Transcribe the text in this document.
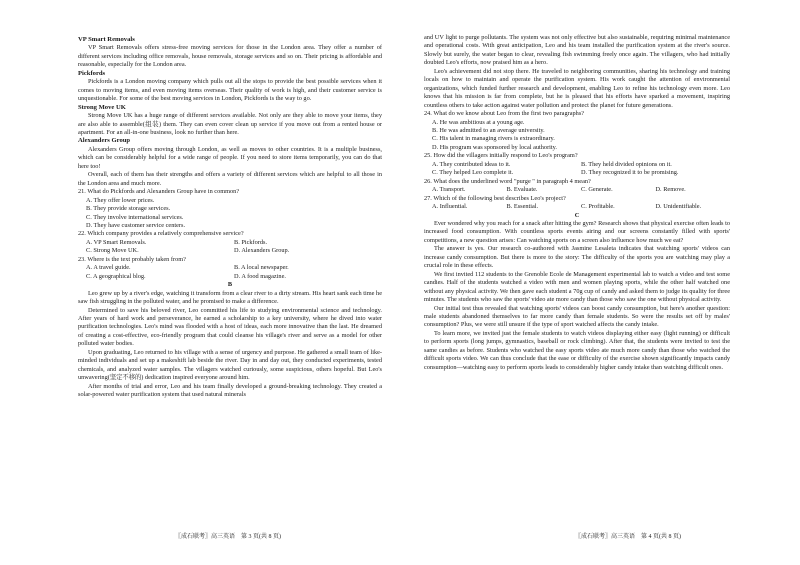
VP Smart Removals

VP Smart Removals offers stress-free moving services for those in the London area. They offer a number of different services including office removals, house removals, storage services and so on. Their pricing is affordable and reasonable, especially for the London area.

Pickfords

Pickfords is a London moving company which pulls out all the stops to provide the best possible services when it comes to moving items, and even moving items overseas. Their quality of work is high, and their customer service is unquestionable. For some of the best moving services in London, Pickfords is the way to go.

Strong Move UK

Strong Move UK has a huge range of different services available. Not only are they able to move your items, they are also able to assemble(组装) them. They can even cover clean up service if you move out from a rented house or apartment. For an all-in-one business, look no further than here.

Alexanders Group

Alexanders Group offers moving through London, as well as moves to other countries. It is a multiple business, which can be considerably helpful for a wide range of people. If you need to store items temporarily, you can do that here too!

Overall, each of them has their strengths and offers a variety of different services which are helpful to all those in the London area and much more.

21. What do Pickfords and Alexanders Group have in common?

A. They offer lower prices.

B. They provide storage services.

C. They involve international services.

D. They have customer service centers.

22. Which company provides a relatively comprehensive service?

A. VP Smart Removals.	B. Pickfords.
C. Strong Move UK.	D. Alexanders Group.

23. Where is the text probably taken from?

A. A travel guide.	B. A local newspaper.
C. A geographical blog.	D. A food magazine.

B

Leo grew up by a river's edge, watching it transform from a clear river to a dirty stream. His heart sank each time he saw fish struggling in the polluted water, and he promised to make a difference.

Determined to save his beloved river, Leo committed his life to studying environmental science and technology. After years of hard work and perseverance, he earned a scholarship to a key university, where he dived into water purification technologies. Leo's mind was flooded with a host of ideas, each more innovative than the last. He dreamed of creating a cost-effective, eco-friendly program that could cleanse his village's river and serve as a model for other polluted water bodies.

Upon graduating, Leo returned to his village with a sense of urgency and purpose. He gathered a small team of like-minded individuals and set up a makeshift lab beside the river. Day in and day out, they conducted experiments, tested chemicals, and analyzed water samples. The villagers watched curiously, some suspicious, others hopeful. But Leo's unwavering(坚定不移的) dedication inspired everyone around him.

After months of trial and error, Leo and his team finally developed a ground-breaking technology. They created a solar-powered water purification system that used natural minerals

and UV light to purge pollutants. The system was not only effective but also sustainable, requiring minimal maintenance and operational costs. With great anticipation, Leo and his team installed the purification system at the river's source. Slowly but surely, the water began to clear, revealing fish swimming freely once again. The villagers, who had initially doubted Leo's efforts, now praised him as a hero.

Leo's achievement did not stop there. He traveled to neighboring communities, sharing his technology and training locals on how to maintain and operate the purification system. His work caught the attention of environmental organizations, which funded further research and development, enabling Leo to refine his technology even more. Leo knows that his mission is far from complete, but he is pleased that his efforts have sparked a movement, inspiring countless others to take action against water pollution and protect the planet for future generations.

24. What do we know about Leo from the first two paragraphs?

A. He was ambitious at a young age.

B. He was admitted to an average university.

C. His talent in managing rivers is extraordinary.

D. His program was sponsored by local authority.

25. How did the villagers initially respond to Leo's program?

A. They contributed ideas to it.	B. They held divided opinions on it.
C. They helped Leo complete it.	D. They recognized it to be promising.

26. What does the underlined word "purge " in paragraph 4 mean?

A. Transport.	B. Evaluate.	C. Generate.	D. Remove.

27. Which of the following best describes Leo's project?

A. Influential.	B. Essential.	C. Profitable.	D. Unidentifiable.

C

Ever wondered why you reach for a snack after hitting the gym? Research shows that physical exercise often leads to increased food consumption. With countless sports events airing and our screens constantly filled with sports' competitions, a new question arises: Can watching sports on a screen also influence how much we eat?

The answer is yes. Our research co-authored with Jasmine Lesaleta indicates that watching sports' videos can increase candy consumption. But there is more to the story: The difficulty of the sports you are watching may play a crucial role in these effects.

We first invited 112 students to the Grenoble Ecole de Management experimental lab to watch a video and test some candies. Half of the students watched a video with men and women playing sports, while the other half watched one without any physical activity. We then gave each student a 70g cup of candy and asked them to judge its quality for three minutes. The students who saw the sports' video ate more candy than those who saw the one without physical activity.

Our initial test thus revealed that watching sports' videos can boost candy consumption, but here's another question: male students abandoned themselves to far more candy than female students. So were the results set off by males' consumption? Plus, we were still unsure if the type of sport watched affects the candy intake.

To learn more, we invited just the female students to watch videos displaying either easy (light running) or difficult to perform sports (long jumps, gymnastics, baseball or rock climbing). After that, the students were invited to test the same candies as before. Students who watched the easy sports video ate much more candy than those who watched the difficult sports video. We can thus conclude that the ease or difficulty of the exercise shown significantly impacts candy consumption—watching easy to perform sports leads to considerably higher candy intake than watching difficult ones.

〖成石联考〗高三英语　第 3 页(共 8 页)	〖成石联考〗高三英语　第 4 页(共 8 页)
